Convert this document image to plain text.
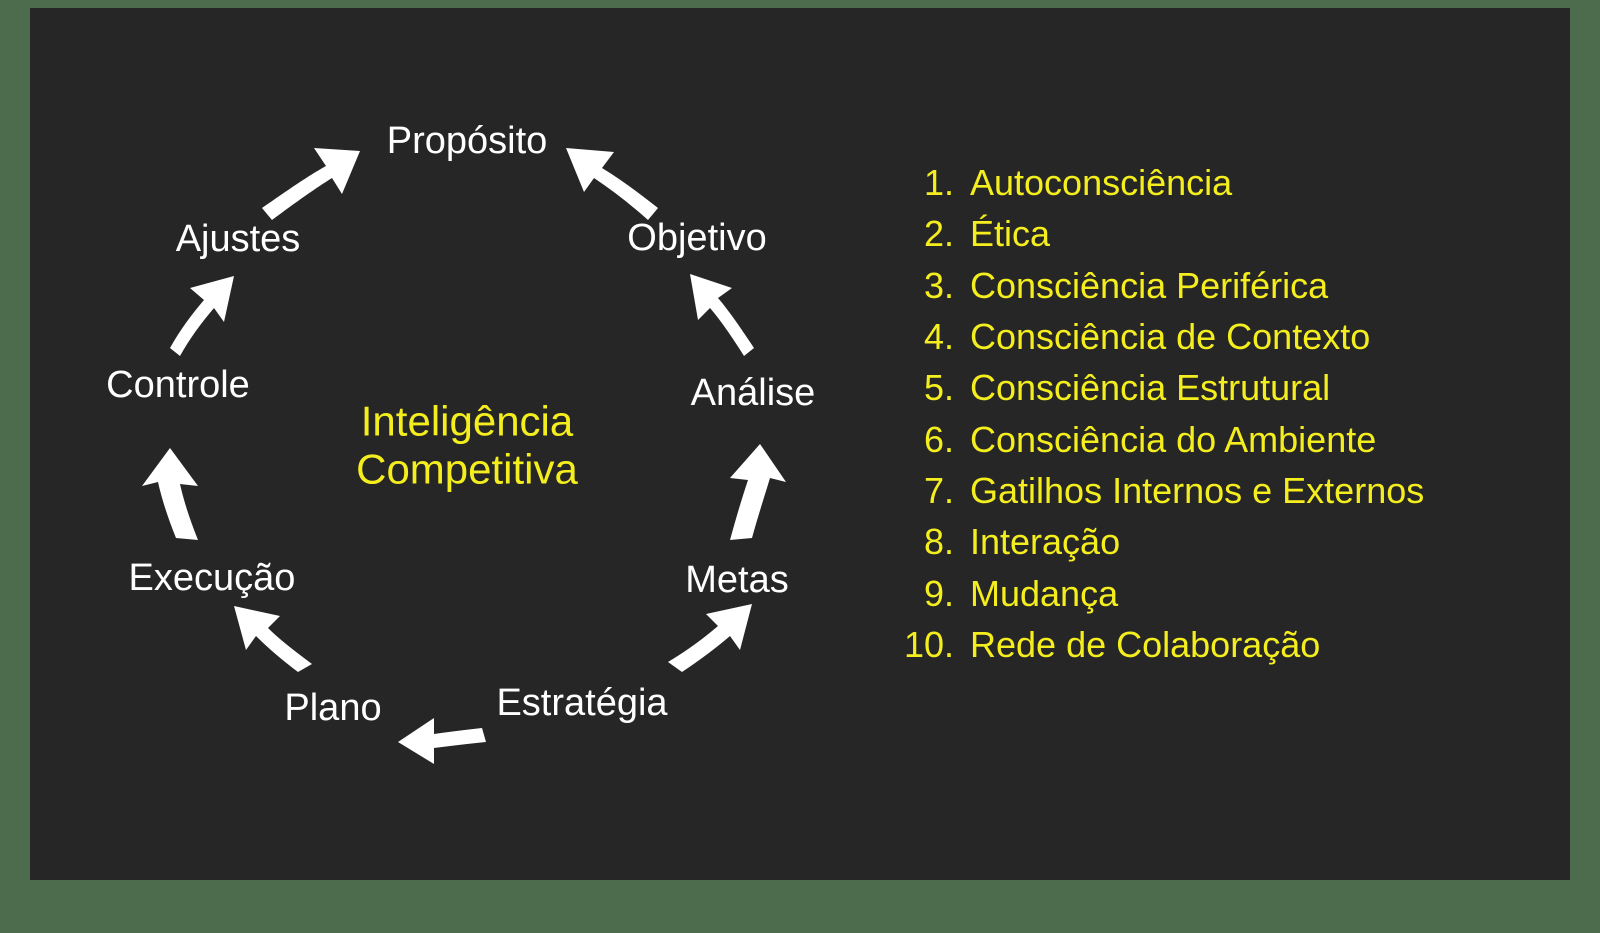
Propósito
Objetivo
Análise
Metas
Estratégia
Plano
Execução
Controle
Ajustes
Inteligência
Competitiva
1. Autoconsciência
2. Ética
3. Consciência Periférica
4. Consciência de Contexto
5. Consciência Estrutural
6. Consciência do Ambiente
7. Gatilhos Internos e Externos
8. Interação
9. Mudança
10. Rede de Colaboração
